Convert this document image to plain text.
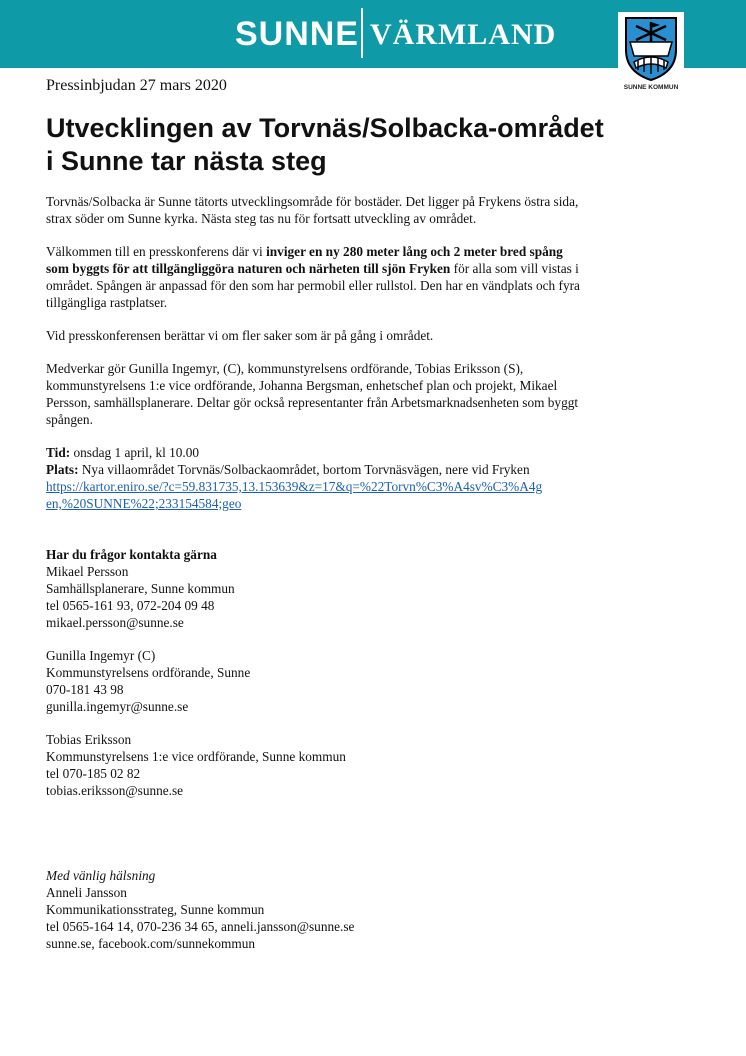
SUNNE VÄRMLAND
SUNNE KOMMUN
Pressinbjudan 27 mars 2020
Utvecklingen av Torvnäs/Solbacka-området i Sunne tar nästa steg

Torvnäs/Solbacka är Sunne tätorts utvecklingsområde för bostäder. Det ligger på Frykens östra sida, strax söder om Sunne kyrka. Nästa steg tas nu för fortsatt utveckling av området.

Välkommen till en presskonferens där vi inviger en ny 280 meter lång och 2 meter bred spång som byggts för att tillgängliggöra naturen och närheten till sjön Fryken för alla som vill vistas i området. Spången är anpassad för den som har permobil eller rullstol. Den har en vändplats och fyra tillgängliga rastplatser.

Vid presskonferensen berättar vi om fler saker som är på gång i området.

Medverkar gör Gunilla Ingemyr, (C), kommunstyrelsens ordförande, Tobias Eriksson (S), kommunstyrelsens 1:e vice ordförande, Johanna Bergsman, enhetschef plan och projekt, Mikael Persson, samhällsplanerare. Deltar gör också representanter från Arbetsmarknadsenheten som byggt spången.

Tid: onsdag 1 april, kl 10.00
Plats: Nya villaområdet Torvnäs/Solbackaområdet, bortom Torvnäsvägen, nere vid Fryken
https://kartor.eniro.se/?c=59.831735,13.153639&z=17&q=%22Torvn%C3%A4sv%C3%A4g
en,%20SUNNE%22;233154584;geo
Har du frågor kontakta gärna
Mikael Persson
Samhällsplanerare, Sunne kommun
tel 0565-161 93, 072-204 09 48
mikael.persson@sunne.se
Gunilla Ingemyr (C)
Kommunstyrelsens ordförande, Sunne
070-181 43 98
gunilla.ingemyr@sunne.se
Tobias Eriksson
Kommunstyrelsens 1:e vice ordförande, Sunne kommun
tel 070-185 02 82
tobias.eriksson@sunne.se
Med vänlig hälsning
Anneli Jansson
Kommunikationsstrateg, Sunne kommun
tel 0565-164 14, 070-236 34 65, anneli.jansson@sunne.se
sunne.se, facebook.com/sunnekommun
